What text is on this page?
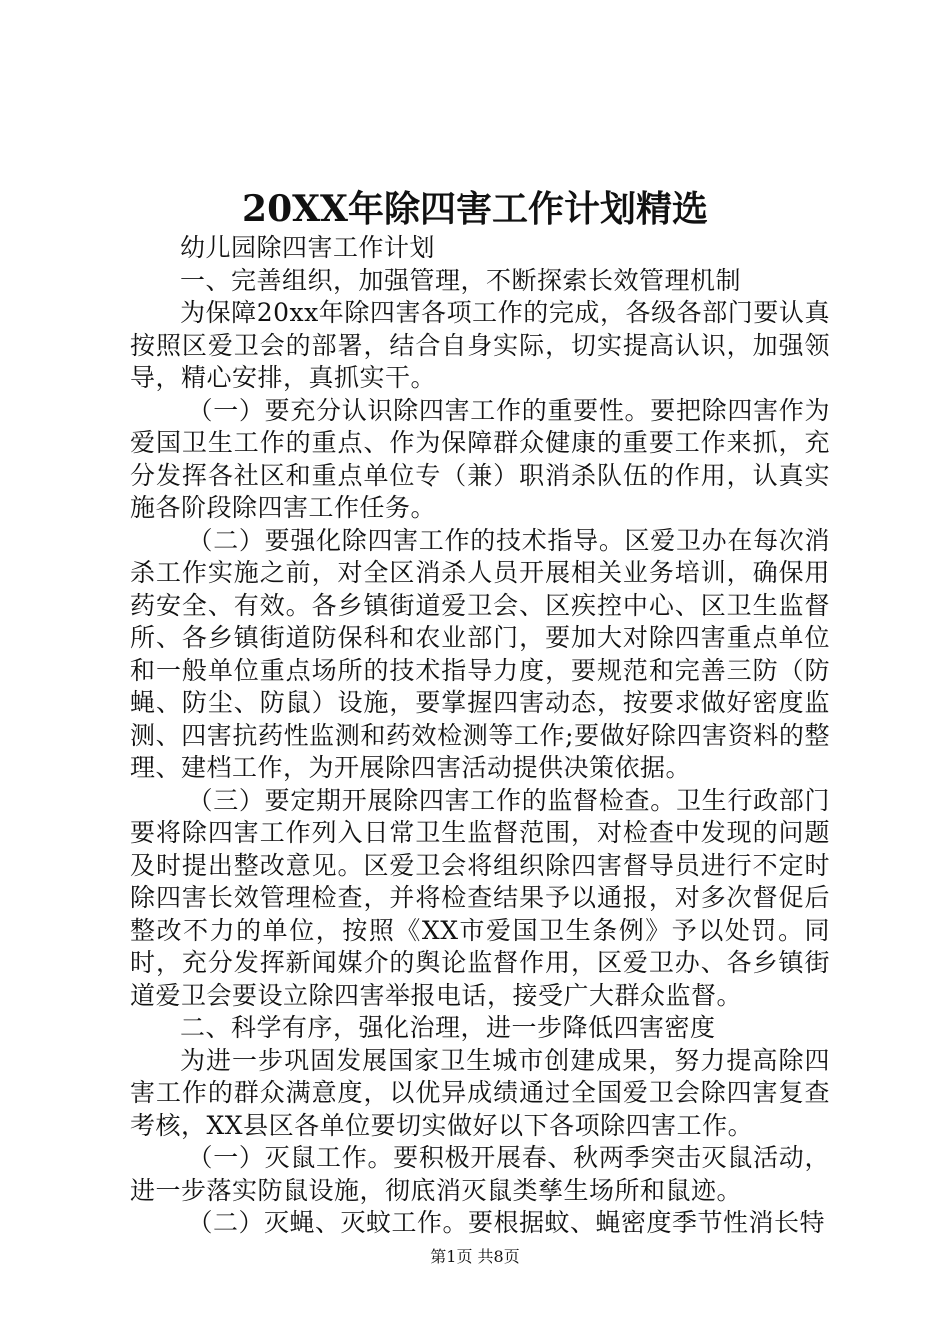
20XX年除四害工作计划精选

幼儿园除四害工作计划

一、完善组织，加强管理，不断探索长效管理机制

为保障20xx年除四害各项工作的完成，各级各部门要认真按照区爱卫会的部署，结合自身实际，切实提高认识，加强领导，精心安排，真抓实干。

（一）要充分认识除四害工作的重要性。要把除四害作为爱国卫生工作的重点、作为保障群众健康的重要工作来抓，充分发挥各社区和重点单位专（兼）职消杀队伍的作用，认真实施各阶段除四害工作任务。

（二）要强化除四害工作的技术指导。区爱卫办在每次消杀工作实施之前，对全区消杀人员开展相关业务培训，确保用药安全、有效。各乡镇街道爱卫会、区疾控中心、区卫生监督所、各乡镇街道防保科和农业部门，要加大对除四害重点单位和一般单位重点场所的技术指导力度，要规范和完善三防（防蝇、防尘、防鼠）设施，要掌握四害动态，按要求做好密度监测、四害抗药性监测和药效检测等工作;要做好除四害资料的整理、建档工作，为开展除四害活动提供决策依据。

（三）要定期开展除四害工作的监督检查。卫生行政部门要将除四害工作列入日常卫生监督范围，对检查中发现的问题及时提出整改意见。区爱卫会将组织除四害督导员进行不定时除四害长效管理检查，并将检查结果予以通报，对多次督促后整改不力的单位，按照《XX市爱国卫生条例》予以处罚。同时，充分发挥新闻媒介的舆论监督作用，区爱卫办、各乡镇街道爱卫会要设立除四害举报电话，接受广大群众监督。

二、科学有序，强化治理，进一步降低四害密度

为进一步巩固发展国家卫生城市创建成果，努力提高除四害工作的群众满意度，以优异成绩通过全国爱卫会除四害复查考核，XX县区各单位要切实做好以下各项除四害工作。

（一）灭鼠工作。要积极开展春、秋两季突击灭鼠活动，进一步落实防鼠设施，彻底消灭鼠类孳生场所和鼠迹。

（二）灭蝇、灭蚊工作。要根据蚊、蝇密度季节性消长特

第1页 共8页
